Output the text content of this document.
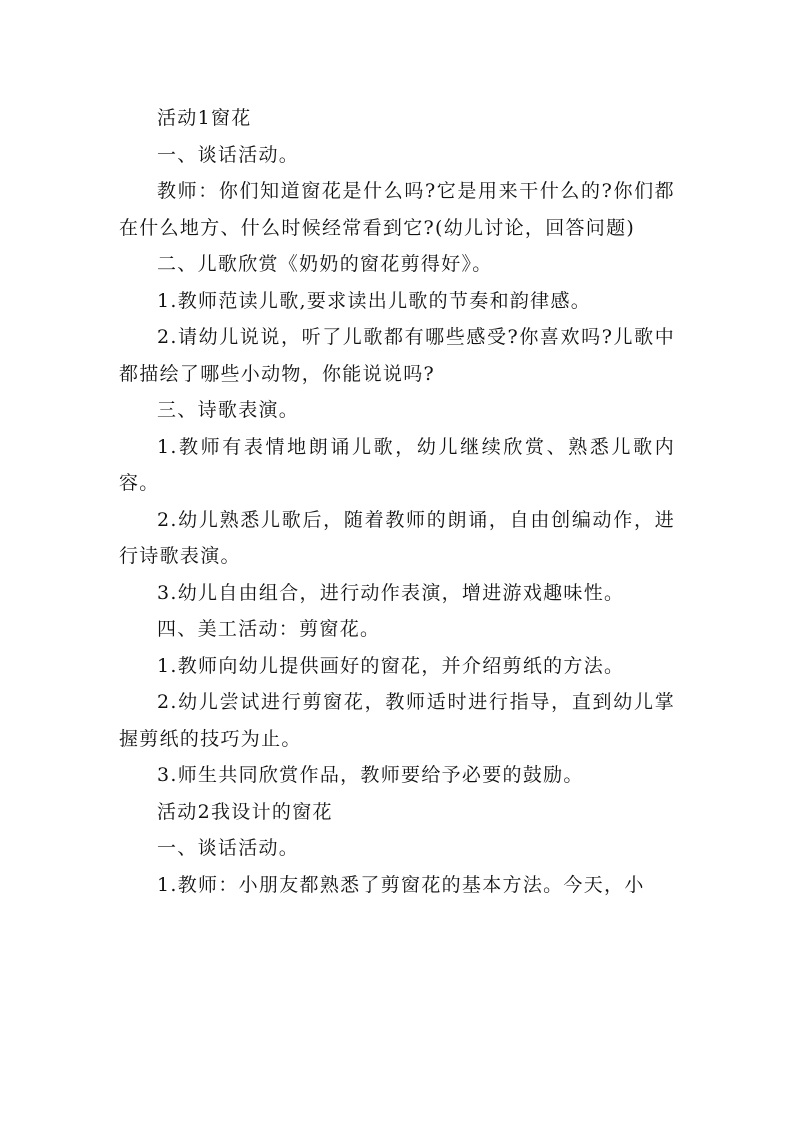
活动1窗花

一、谈话活动。

教师：你们知道窗花是什么吗?它是用来干什么的?你们都在什么地方、什么时候经常看到它?(幼儿讨论，回答问题)

二、儿歌欣赏《奶奶的窗花剪得好》。

1.教师范读儿歌,要求读出儿歌的节奏和韵律感。

2.请幼儿说说，听了儿歌都有哪些感受?你喜欢吗?儿歌中都描绘了哪些小动物，你能说说吗?

三、诗歌表演。

1.教师有表情地朗诵儿歌，幼儿继续欣赏、熟悉儿歌内容。

2.幼儿熟悉儿歌后，随着教师的朗诵，自由创编动作，进行诗歌表演。

3.幼儿自由组合，进行动作表演，增进游戏趣味性。

四、美工活动：剪窗花。

1.教师向幼儿提供画好的窗花，并介绍剪纸的方法。

2.幼儿尝试进行剪窗花，教师适时进行指导，直到幼儿掌握剪纸的技巧为止。

3.师生共同欣赏作品，教师要给予必要的鼓励。

活动2我设计的窗花

一、谈话活动。

1.教师：小朋友都熟悉了剪窗花的基本方法。今天，小
